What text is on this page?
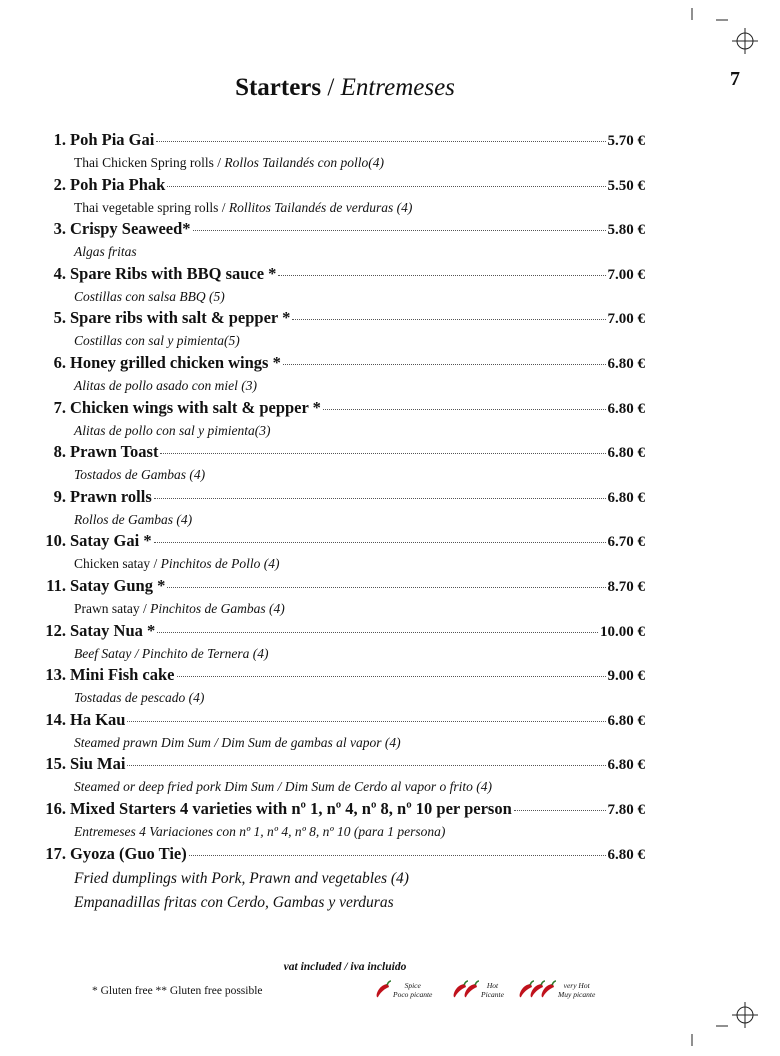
7
Starters / Entremeses
1. Poh Pia Gai	5.70 €
Thai Chicken Spring rolls / Rollos Tailandés con pollo(4)
2. Poh Pia Phak	5.50 €
Thai vegetable spring rolls / Rollitos Tailandés de verduras (4)
3. Crispy Seaweed*	5.80 €
Algas fritas
4. Spare Ribs with BBQ sauce *	7.00 €
Costillas con salsa BBQ (5)
5. Spare ribs with salt & pepper *	7.00 €
Costillas con sal y pimienta(5)
6. Honey grilled chicken wings *	6.80 €
Alitas de pollo asado con miel (3)
7. Chicken wings with salt & pepper *	6.80 €
Alitas de pollo con sal y pimienta(3)
8. Prawn Toast	6.80 €
Tostados de Gambas (4)
9. Prawn rolls	6.80 €
Rollos de Gambas (4)
10. Satay Gai *	6.70 €
Chicken satay / Pinchitos de Pollo (4)
11. Satay Gung *	8.70 €
Prawn satay / Pinchitos de Gambas (4)
12. Satay Nua *	10.00 €
Beef Satay / Pinchito de Ternera (4)
13. Mini Fish cake	9.00 €
Tostadas de pescado (4)
14. Ha Kau	6.80 €
Steamed prawn Dim Sum / Dim Sum de gambas al vapor (4)
15. Siu Mai	6.80 €
Steamed or deep fried pork Dim Sum / Dim Sum de Cerdo al vapor o frito (4)
16. Mixed Starters 4 varieties with nº 1, nº 4, nº 8, nº 10 per person	7.80 €
Entremeses 4 Variaciones con nº 1, nº 4, nº 8, nº 10 (para 1 persona)
17. Gyoza (Guo Tie)	6.80 €
Fried dumplings with Pork, Prawn and vegetables (4)
Empanadillas fritas con Cerdo, Gambas y verduras
vat included / iva incluido
* Gluten free ** Gluten free possible	Spice
Poco picante
Hot
Picante
very Hot
Muy picante
